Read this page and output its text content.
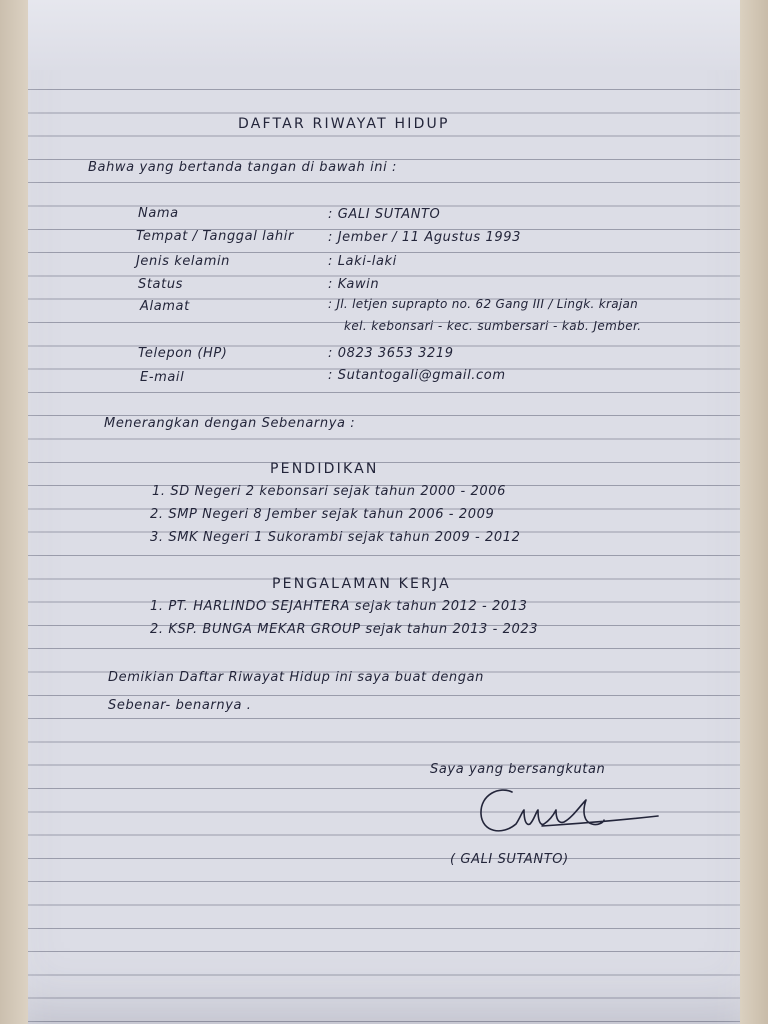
DAFTAR RIWAYAT HIDUP
Bahwa yang bertanda tangan di bawah ini :
Nama	: GALI SUTANTO
Tempat / Tanggal lahir	: Jember / 11 Agustus 1993
Jenis kelamin	: Laki-laki
Status	: Kawin
Alamat	: Jl. letjen suprapto no. 62 Gang III / Lingk. krajan
kel. kebonsari - kec. sumbersari - kab. Jember.
Telepon (HP)	: 0823 3653 3219
E-mail	: Sutantogali@gmail.com
Menerangkan dengan Sebenarnya :
PENDIDIKAN
1. SD Negeri 2 kebonsari sejak tahun 2000 - 2006
2. SMP Negeri 8 Jember sejak tahun 2006 - 2009
3. SMK Negeri 1 Sukorambi sejak tahun 2009 - 2012
PENGALAMAN KERJA
1. PT. HARLINDO SEJAHTERA sejak tahun 2012 - 2013
2. KSP. BUNGA MEKAR GROUP sejak tahun 2013 - 2023
Demikian Daftar Riwayat Hidup ini saya buat dengan
Sebenar- benarnya .
Saya yang bersangkutan
( GALI SUTANTO)
